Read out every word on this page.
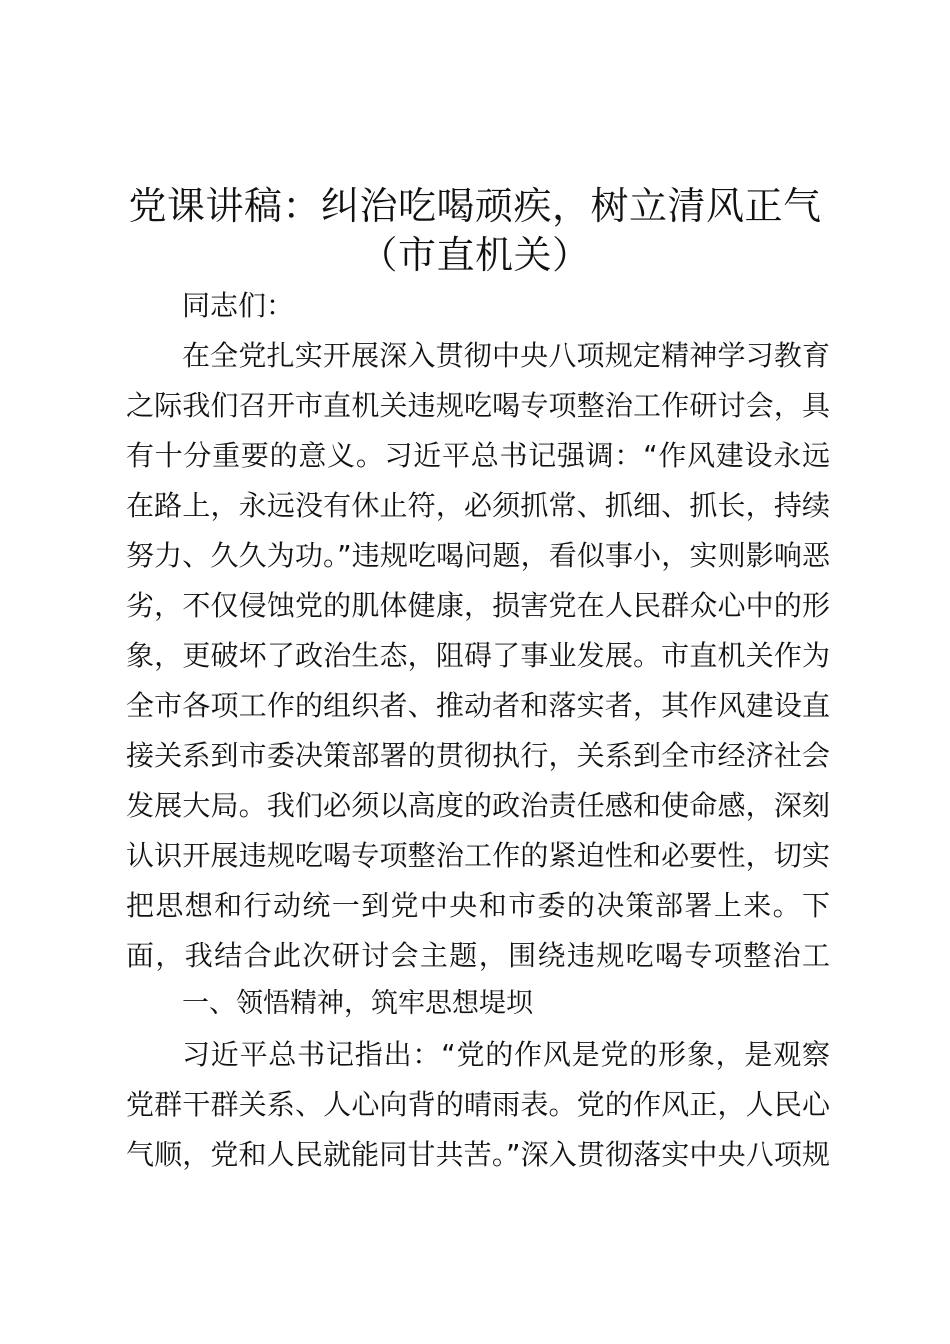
党课讲稿：纠治吃喝顽疾，树立清风正气（市直机关）
同志们：
在全党扎实开展深入贯彻中央八项规定精神学习教育之际我们召开市直机关违规吃喝专项整治工作研讨会，具有十分重要的意义。习近平总书记强调：“作风建设永远在路上，永远没有休止符，必须抓常、抓细、抓长，持续努力、久久为功。”违规吃喝问题，看似事小，实则影响恶劣，不仅侵蚀党的肌体健康，损害党在人民群众心中的形象，更破坏了政治生态，阻碍了事业发展。市直机关作为全市各项工作的组织者、推动者和落实者，其作风建设直接关系到市委决策部署的贯彻执行，关系到全市经济社会发展大局。我们必须以高度的政治责任感和使命感，深刻认识开展违规吃喝专项整治工作的紧迫性和必要性，切实把思想和行动统一到党中央和市委的决策部署上来。下面，我结合此次研讨会主题，围绕违规吃喝专项整治工
一、领悟精神，筑牢思想堤坝
习近平总书记指出：“党的作风是党的形象，是观察党群干群关系、人心向背的晴雨表。党的作风正，人民心气顺，党和人民就能同甘共苦。”深入贯彻落实中央八项规
